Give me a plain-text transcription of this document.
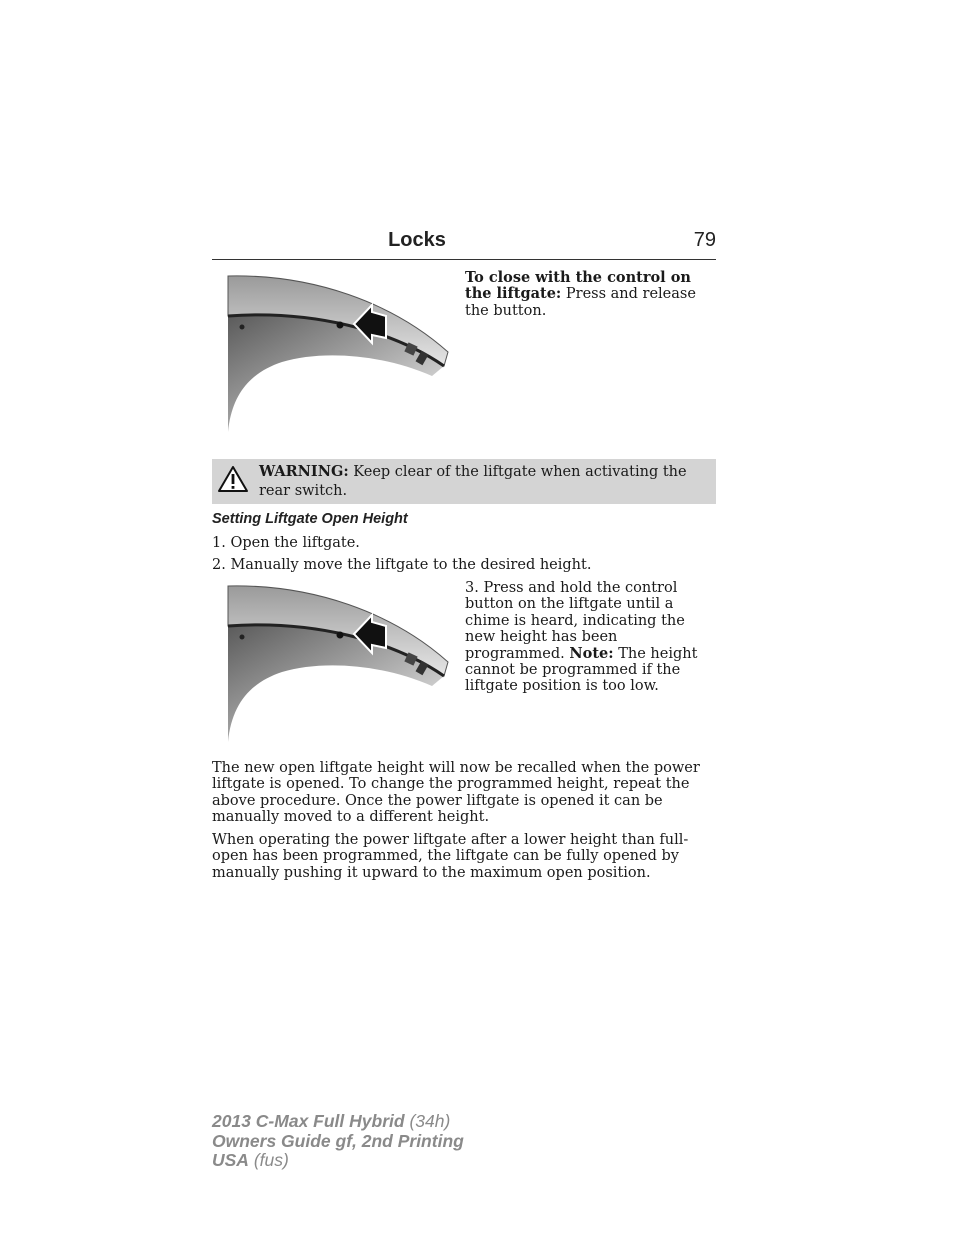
Locks	79
To close with the control on the liftgate: Press and release the button.
WARNING: Keep clear of the liftgate when activating the rear switch.
Setting Liftgate Open Height
1. Open the liftgate.
2. Manually move the liftgate to the desired height.
3. Press and hold the control button on the liftgate until a chime is heard, indicating the new height has been programmed. Note: The height cannot be programmed if the liftgate position is too low.
The new open liftgate height will now be recalled when the power liftgate is opened. To change the programmed height, repeat the above procedure. Once the power liftgate is opened it can be manually moved to a different height.
When operating the power liftgate after a lower height than full-open has been programmed, the liftgate can be fully opened by manually pushing it upward to the maximum open position.
2013 C-Max Full Hybrid (34h)
Owners Guide gf, 2nd Printing
USA (fus)
